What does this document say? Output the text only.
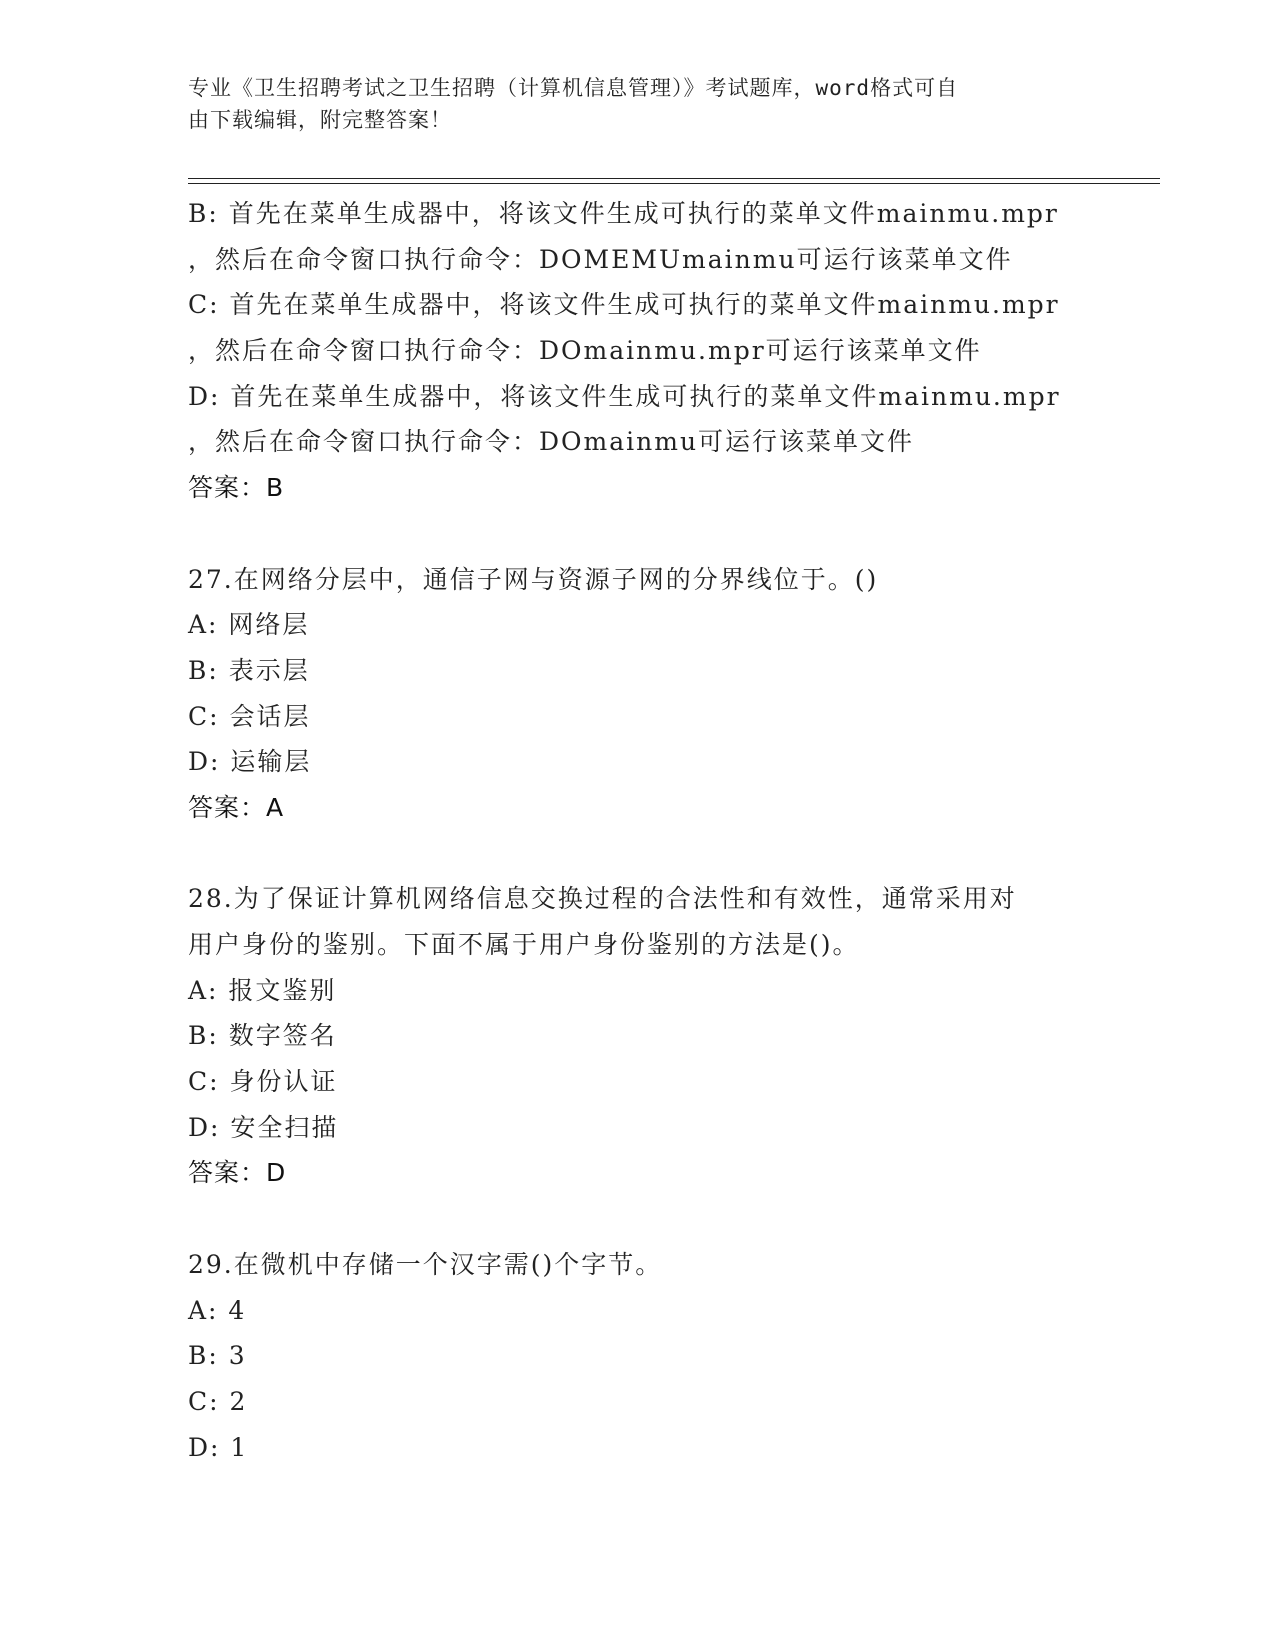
专业《卫生招聘考试之卫生招聘（计算机信息管理）》考试题库，word格式可自
由下载编辑，附完整答案！
B: 首先在菜单生成器中，将该文件生成可执行的菜单文件mainmu.mpr
，然后在命令窗口执行命令：DOMEMUmainmu可运行该菜单文件
C: 首先在菜单生成器中，将该文件生成可执行的菜单文件mainmu.mpr
，然后在命令窗口执行命令：DOmainmu.mpr可运行该菜单文件
D: 首先在菜单生成器中，将该文件生成可执行的菜单文件mainmu.mpr
，然后在命令窗口执行命令：DOmainmu可运行该菜单文件
答案：B
27.在网络分层中，通信子网与资源子网的分界线位于。()
A: 网络层
B: 表示层
C: 会话层
D: 运输层
答案：A
28.为了保证计算机网络信息交换过程的合法性和有效性，通常采用对
用户身份的鉴别。下面不属于用户身份鉴别的方法是()。
A: 报文鉴别
B: 数字签名
C: 身份认证
D: 安全扫描
答案：D
29.在微机中存储一个汉字需()个字节。
A: 4
B: 3
C: 2
D: 1
